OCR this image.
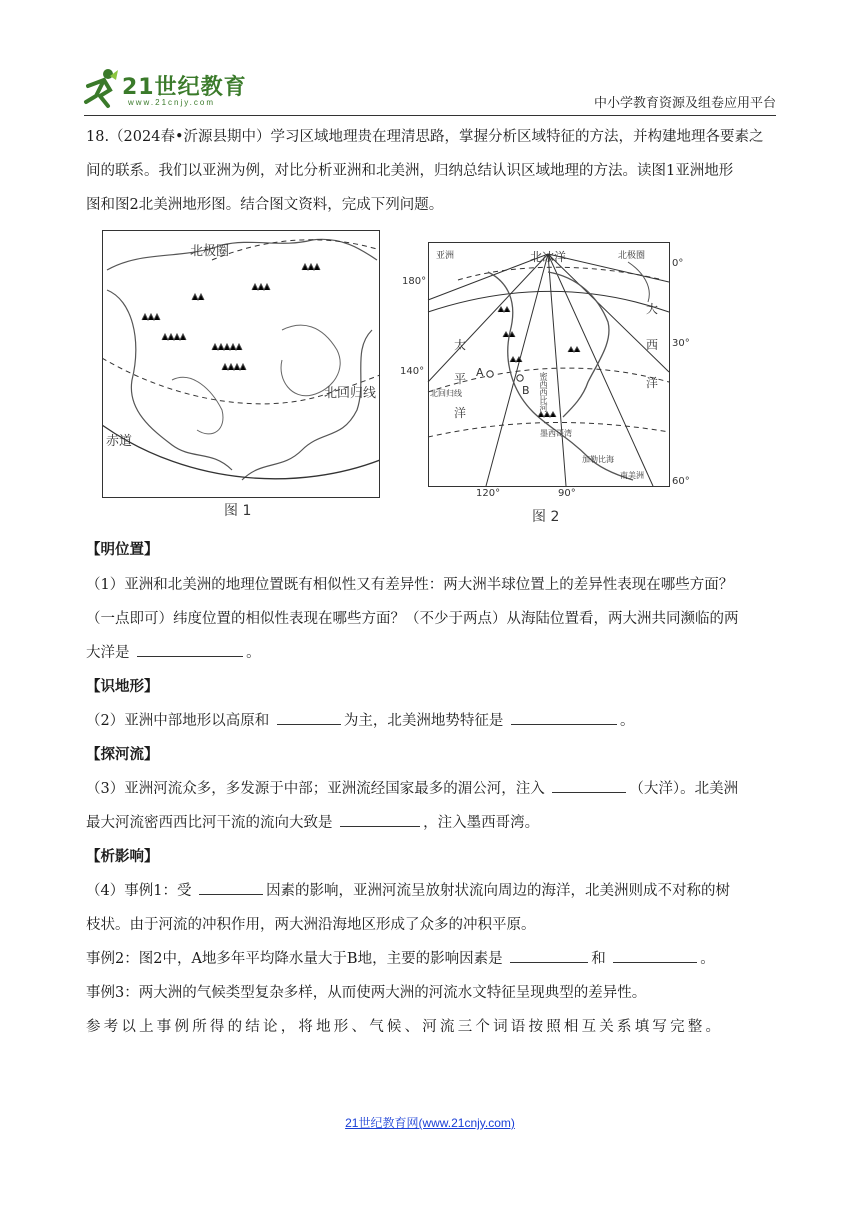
21世纪教育
www.21cnjy.com	中小学教育资源及组卷应用平台

18.（2024春•沂源县期中）学习区域地理贵在理清思路，掌握分析区域特征的方法，并构建地理各要素之

间的联系。我们以亚洲为例，对比分析亚洲和北美洲，归纳总结认识区域地理的方法。读图1亚洲地形

图和图2北美洲地形图。结合图文资料，完成下列问题。

北极圈
北回归线
赤道
图 1
亚洲	北冰洋	北极圈
180°
0°
30°
140°
60°
120°	90°
太
平
洋
大
西
洋
A
B
北回归线	密西西比河
墨西哥湾
加勒比海
南美洲
图 2

【明位置】

（1）亚洲和北美洲的地理位置既有相似性又有差异性：两大洲半球位置上的差异性表现在哪些方面？

（一点即可）纬度位置的相似性表现在哪些方面？（不少于两点）从海陆位置看，两大洲共同濒临的两

大洋是	。

【识地形】

（2）亚洲中部地形以高原和	为主，北美洲地势特征是	。

【探河流】

（3）亚洲河流众多，多发源于中部；亚洲流经国家最多的湄公河，注入	（大洋）。北美洲

最大河流密西西比河干流的流向大致是	，注入墨西哥湾。

【析影响】

（4）事例1：受	因素的影响，亚洲河流呈放射状流向周边的海洋，北美洲则成不对称的树

枝状。由于河流的冲积作用，两大洲沿海地区形成了众多的冲积平原。

事例2：图2中，A地多年平均降水量大于B地，主要的影响因素是	和	。

事例3：两大洲的气候类型复杂多样，从而使两大洲的河流水文特征呈现典型的差异性。

参考以上事例所得的结论，将地形、气候、河流三个词语按照相互关系填写完整。

21世纪教育网(www.21cnjy.com)
